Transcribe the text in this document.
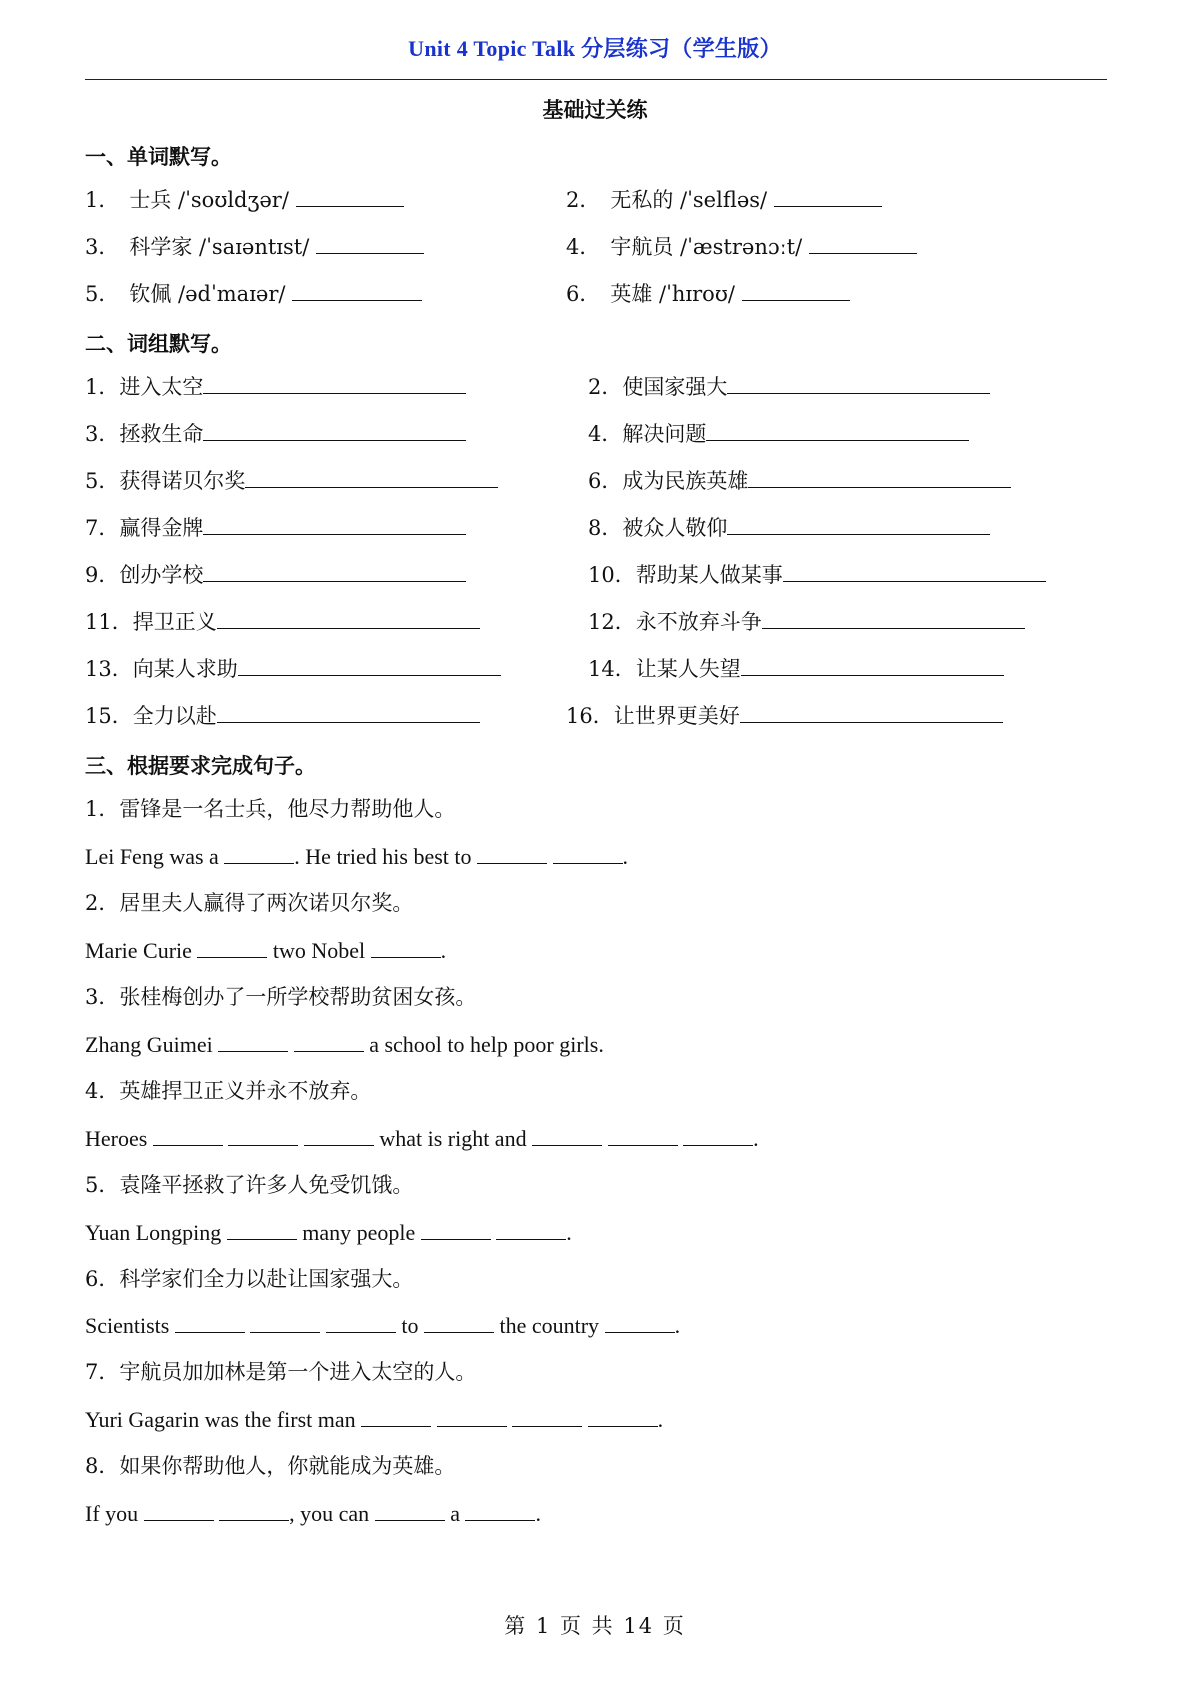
Unit 4 Topic Talk 分层练习（学生版）
基础过关练
一、单词默写。
1． 士兵 /ˈsoʊldʒər/	2． 无私的 /ˈselfləs/
3． 科学家 /ˈsaɪəntɪst/	4． 宇航员 /ˈæstrənɔːt/
5． 钦佩 /ədˈmaɪər/	6． 英雄 /ˈhɪroʊ/
二、词组默写。
1．进入太空	2．使国家强大
3．拯救生命	4．解决问题
5．获得诺贝尔奖	6．成为民族英雄
7．赢得金牌	8．被众人敬仰
9．创办学校	10．帮助某人做某事
11．捍卫正义	12．永不放弃斗争
13．向某人求助	14．让某人失望
15．全力以赴	16．让世界更美好
三、根据要求完成句子。
1．雷锋是一名士兵，他尽力帮助他人。
Lei Feng was a	. He tried his best to	.
2．居里夫人赢得了两次诺贝尔奖。
Marie Curie	two Nobel	.
3．张桂梅创办了一所学校帮助贫困女孩。
Zhang Guimei	a school to help poor girls.
4．英雄捍卫正义并永不放弃。
Heroes	what is right and	.
5．袁隆平拯救了许多人免受饥饿。
Yuan Longping	many people	.
6．科学家们全力以赴让国家强大。
Scientists	to	the country	.
7．宇航员加加林是第一个进入太空的人。
Yuri Gagarin was the first man	.
8．如果你帮助他人，你就能成为英雄。
If you	, you can	a	.
第 1 页 共 14 页
